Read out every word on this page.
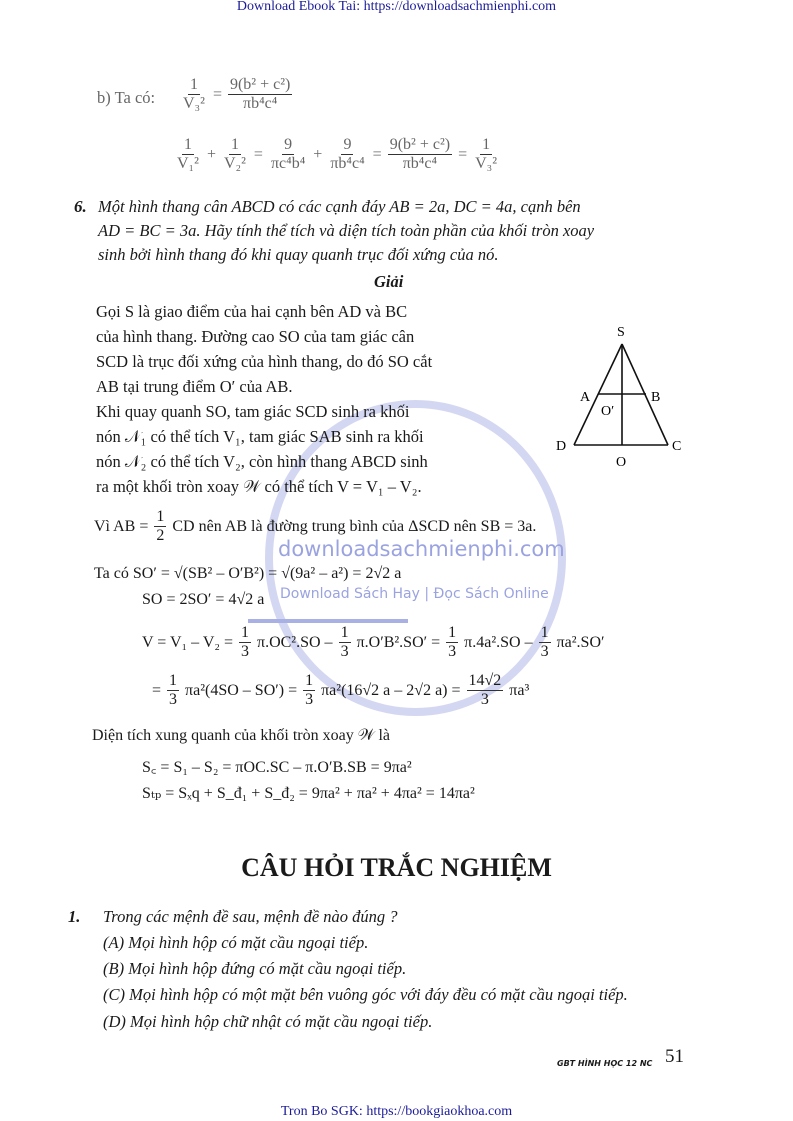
Download Ebook Tai: https://downloadsachmienphi.com
downloadsachmienphi.com
Download Sách Hay | Đọc Sách Online
b) Ta có: $\frac{1}{\text{V₃²}} = \frac{\text{9(b² + c²)}}{\text{πb⁴c⁴}}$
$\frac{1}{\text{V₁²}} + \frac{1}{\text{V₂²}} = \frac{9}{\text{πc⁴b⁴}} + \frac{9}{\text{πb⁴c⁴}} = \frac{\text{9(b² + c²)}}{\text{πb⁴c⁴}} = \frac{1}{\text{V₃²}}$
6. Một hình thang cân ABCD có các cạnh đáy AB = 2a, DC = 4a, cạnh bên
AD = BC = 3a. Hãy tính thể tích và diện tích toàn phần của khối tròn xoay
sinh bởi hình thang đó khi quay quanh trục đối xứng của nó.
Giải
Gọi S là giao điểm của hai cạnh bên AD và BC
của hình thang. Đường cao SO của tam giác cân
SCD là trục đối xứng của hình thang, do đó SO cắt
AB tại trung điểm O′ của AB.
Khi quay quanh SO, tam giác SCD sinh ra khối
nón 𝒩₁ có thể tích V₁, tam giác SAB sinh ra khối
nón 𝒩₂ có thể tích V₂, còn hình thang ABCD sinh
ra một khối tròn xoay 𝒲 có thể tích V = V₁ – V₂.
S
A	B
O′
D	C
O
Vì AB = $\frac{1}{2}$ CD nên AB là đường trung bình của ΔSCD nên SB = 3a.
Ta có SO′ = √(SB² – O′B²) = √(9a² – a²) = 2√2 a
SO = 2SO′ = 4√2 a
$V = V_1 - V_2 = \frac{1}{3} \pi.OC^2.SO - \frac{1}{3} \pi.O'B^2.SO' = \frac{1}{3} \pi.4a^2.SO - \frac{1}{3} \pi a^2.SO'$
= $\frac{1}{3} \pi a^2(4SO - SO') = \frac{1}{3} \pi a^2(16√2$ a – 2√2 $a) = \frac{14√2}{3} \pi a^3$
Diện tích xung quanh của khối tròn xoay 𝒲 là
S꜀ = S₁ – S₂ = πOC.SC – π.O′B.SB = 9πa²
Sₜₚ = Sₓq + S_đ₁ + S_đ₂ = 9πa² + πa² + 4πa² = 14πa²
CÂU HỎI TRẮC NGHIỆM
1. Trong các mệnh đề sau, mệnh đề nào đúng ?
(A) Mọi hình hộp có mặt cầu ngoại tiếp.
(B) Mọi hình hộp đứng có mặt cầu ngoại tiếp.
(C) Mọi hình hộp có một mặt bên vuông góc với đáy đều có mặt cầu ngoại tiếp.
(D) Mọi hình hộp chữ nhật có mặt cầu ngoại tiếp.
GBT HÌNH HỌC 12 NC 51
Tron Bo SGK: https://bookgiaokhoa.com
